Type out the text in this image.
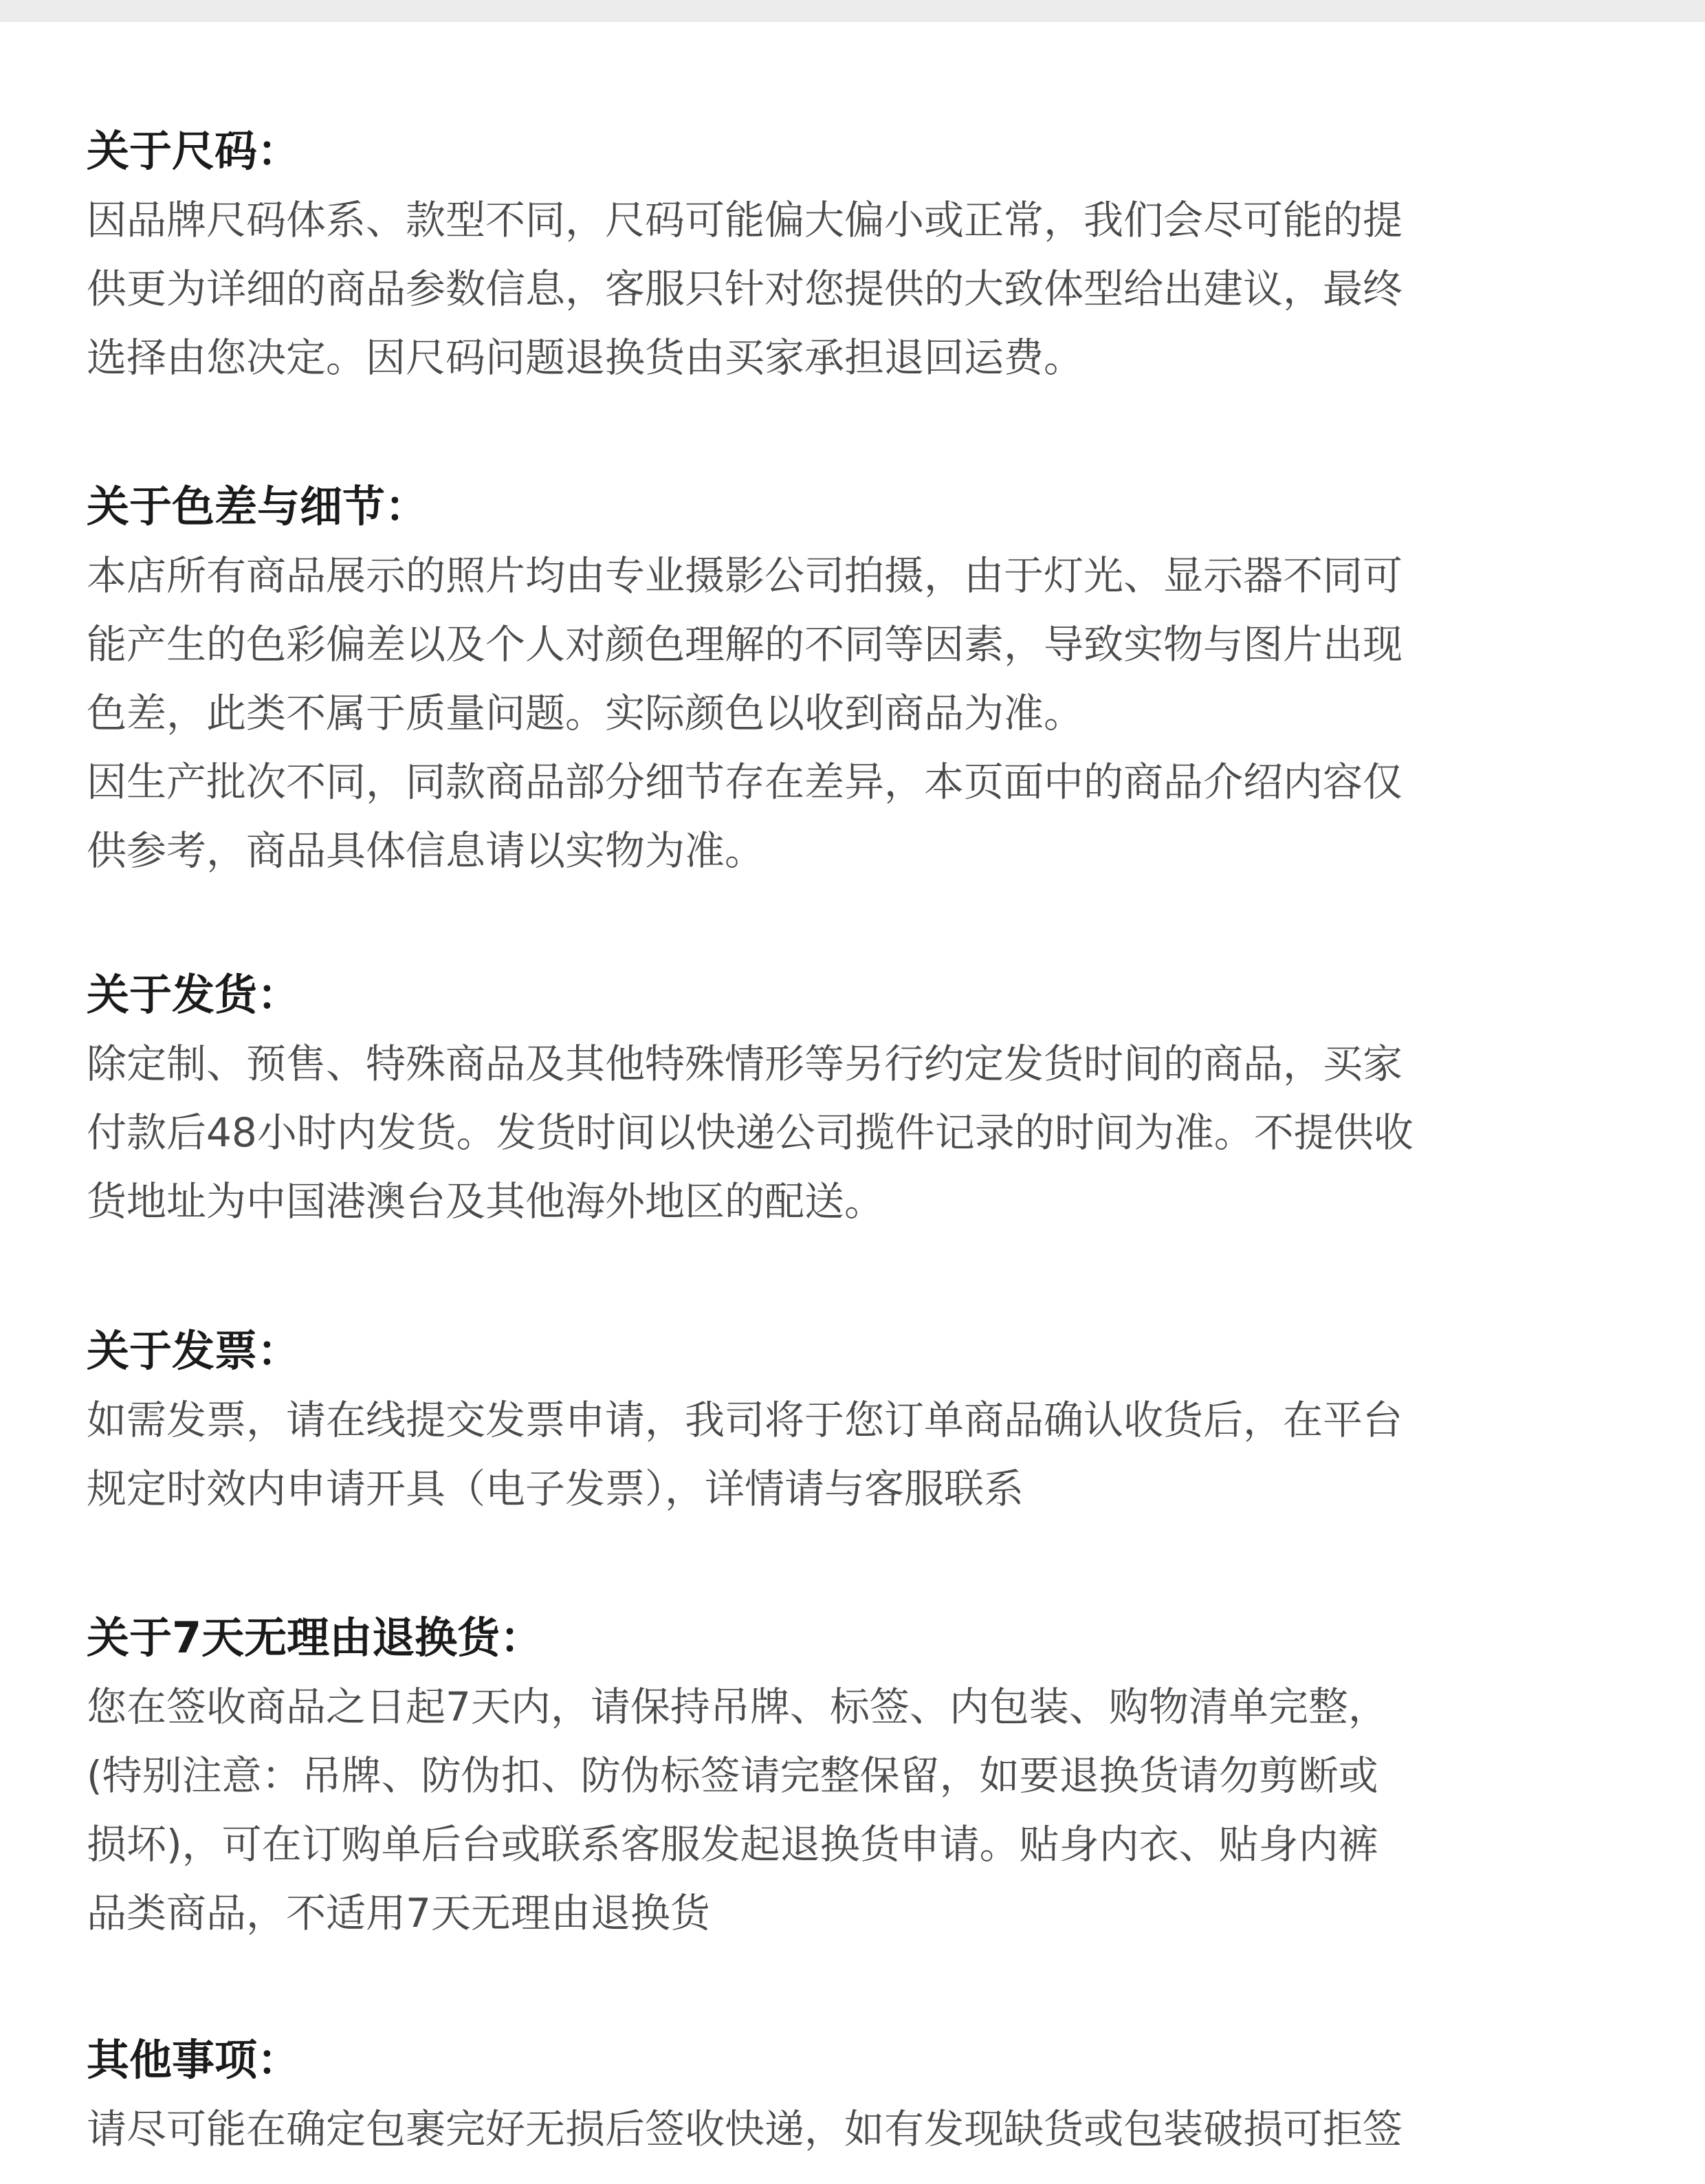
关于尺码：
因品牌尺码体系、款型不同，尺码可能偏大偏小或正常，我们会尽可能的提
供更为详细的商品参数信息，客服只针对您提供的大致体型给出建议，最终
选择由您决定。因尺码问题退换货由买家承担退回运费。
关于色差与细节：
本店所有商品展示的照片均由专业摄影公司拍摄，由于灯光、显示器不同可
能产生的色彩偏差以及个人对颜色理解的不同等因素，导致实物与图片出现
色差，此类不属于质量问题。实际颜色以收到商品为准。
因生产批次不同，同款商品部分细节存在差异，本页面中的商品介绍内容仅
供参考，商品具体信息请以实物为准。
关于发货：
除定制、预售、特殊商品及其他特殊情形等另行约定发货时间的商品，买家
付款后48小时内发货。发货时间以快递公司揽件记录的时间为准。不提供收
货地址为中国港澳台及其他海外地区的配送。
关于发票：
如需发票，请在线提交发票申请，我司将于您订单商品确认收货后，在平台
规定时效内申请开具（电子发票），详情请与客服联系
关于7天无理由退换货：
您在签收商品之日起7天内，请保持吊牌、标签、内包装、购物清单完整，
(特别注意：吊牌、防伪扣、防伪标签请完整保留，如要退换货请勿剪断或
损坏)，可在订购单后台或联系客服发起退换货申请。贴身内衣、贴身内裤
品类商品，不适用7天无理由退换货
其他事项：
请尽可能在确定包裹完好无损后签收快递，如有发现缺货或包装破损可拒签
